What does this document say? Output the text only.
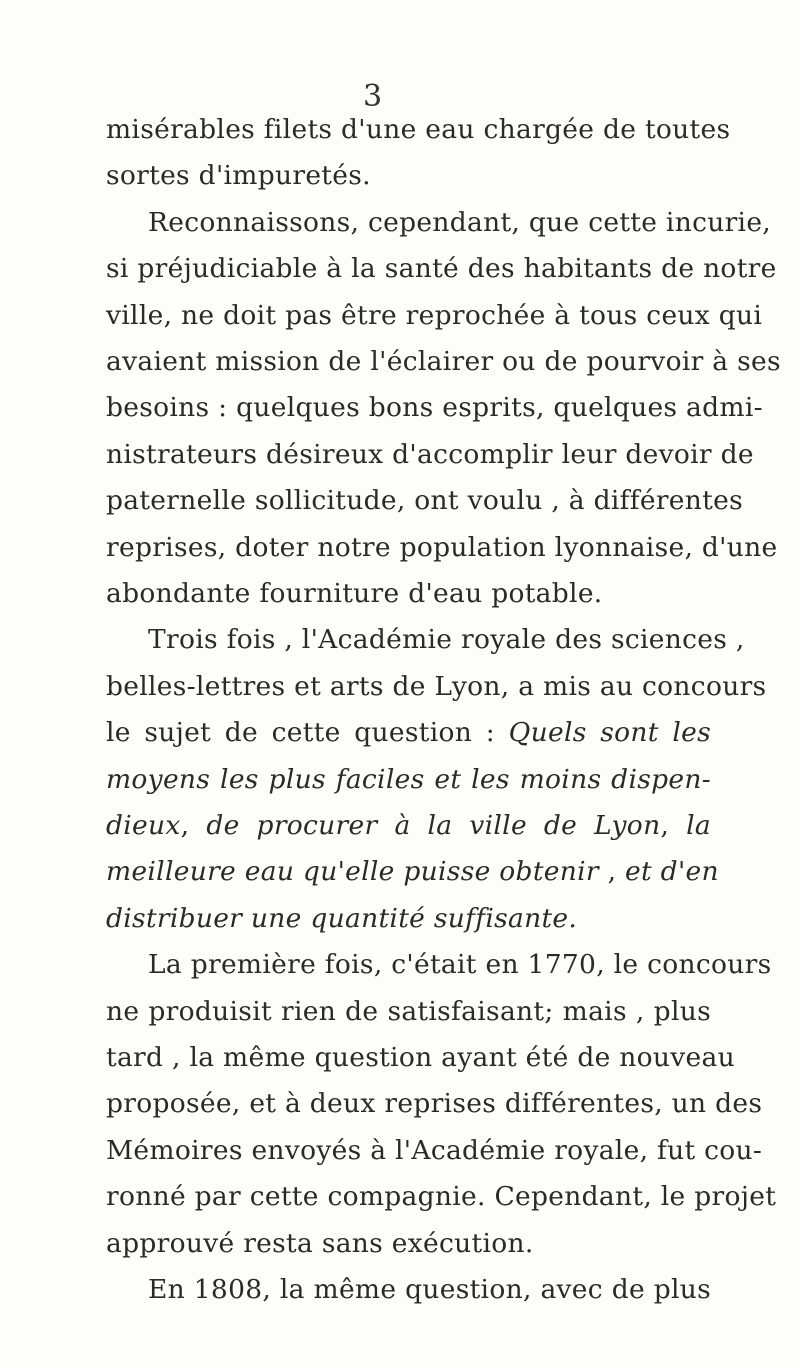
3
misérables filets d'une eau chargée de toutes
sortes d'impuretés.
Reconnaissons, cependant, que cette incurie,
si préjudiciable à la santé des habitants de notre
ville, ne doit pas être reprochée à tous ceux qui
avaient mission de l'éclairer ou de pourvoir à ses
besoins : quelques bons esprits, quelques admi-
nistrateurs désireux d'accomplir leur devoir de
paternelle sollicitude, ont voulu , à différentes
reprises, doter notre population lyonnaise, d'une
abondante fourniture d'eau potable.
Trois fois , l'Académie royale des sciences ,
belles-lettres et arts de Lyon, a mis au concours
le sujet de cette question : Quels sont les
moyens les plus faciles et les moins dispen-
dieux, de procurer à la ville de Lyon, la
meilleure eau qu'elle puisse obtenir , et d'en
distribuer une quantité suffisante.
La première fois, c'était en 1770, le concours
ne produisit rien de satisfaisant; mais , plus
tard , la même question ayant été de nouveau
proposée, et à deux reprises différentes, un des
Mémoires envoyés à l'Académie royale, fut cou-
ronné par cette compagnie. Cependant, le projet
approuvé resta sans exécution.
En 1808, la même question, avec de plus
